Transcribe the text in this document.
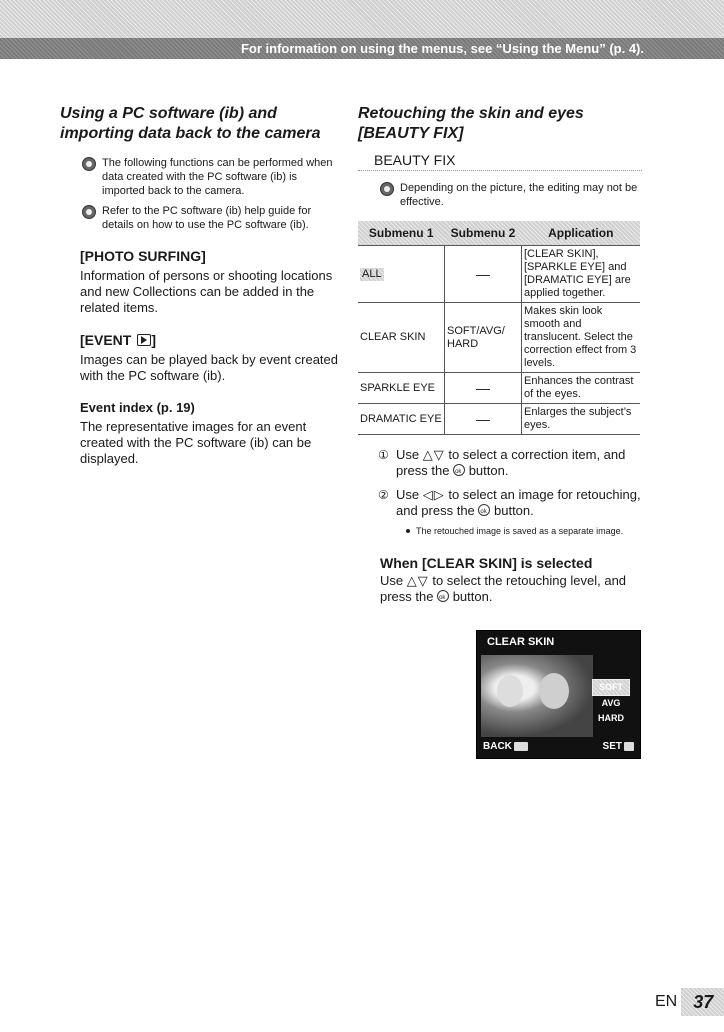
For information on using the menus, see “Using the Menu” (p. 4).
Using a PC software (ib) and importing data back to the camera
The following functions can be performed when data created with the PC software (ib) is imported back to the camera.
Refer to the PC software (ib) help guide for details on how to use the PC software (ib).
[PHOTO SURFING]
Information of persons or shooting locations and new Collections can be added in the related items.
[EVENT ]
Images can be played back by event created with the PC software (ib).
Event index (p. 19)
The representative images for an event created with the PC software (ib) can be displayed.
Retouching the skin and eyes
[BEAUTY FIX]
BEAUTY FIX
Depending on the picture, the editing may not be effective.
Submenu 1	Submenu 2	Application
ALL	—	[CLEAR SKIN], [SPARKLE EYE] and [DRAMATIC EYE] are applied together.
CLEAR SKIN	SOFT/AVG/ HARD	Makes skin look smooth and translucent. Select the correction effect from 3 levels.
SPARKLE EYE	—	Enhances the contrast of the eyes.
DRAMATIC EYE	—	Enlarges the subject’s eyes.
① Use △▽ to select a correction item, and press the ok button.
② Use ◁▷ to select an image for retouching, and press the ok button.
The retouched image is saved as a separate image.
When [CLEAR SKIN] is selected
Use △▽ to select the retouching level, and press the ok button.
CLEAR SKIN
SOFT
AVG
HARD
BACK	SET
EN 37
